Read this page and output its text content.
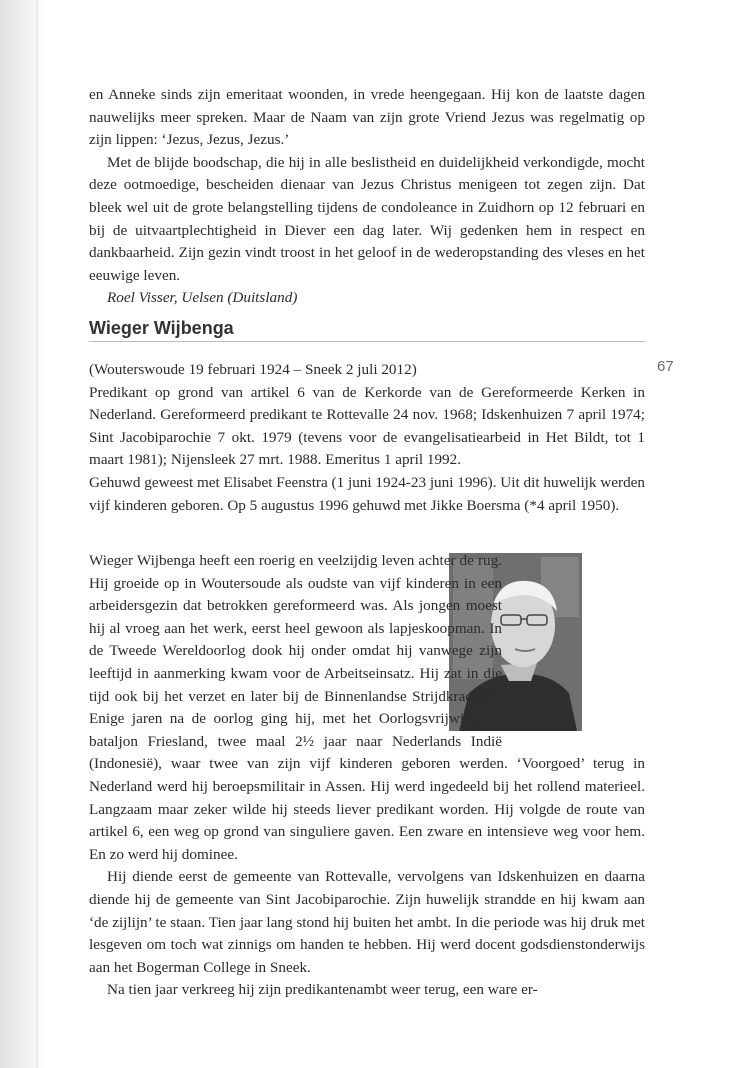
en Anneke sinds zijn emeritaat woonden, in vrede heengegaan. Hij kon de laatste dagen nauwelijks meer spreken. Maar de Naam van zijn grote Vriend Jezus was regelmatig op zijn lippen: ‘Jezus, Jezus, Jezus.’

Met de blijde boodschap, die hij in alle beslistheid en duidelijkheid verkondigde, mocht deze ootmoedige, bescheiden dienaar van Jezus Christus menigeen tot zegen zijn. Dat bleek wel uit de grote belangstelling tijdens de condoleance in Zuidhorn op 12 februari en bij de uitvaartplechtigheid in Diever een dag later. Wij gedenken hem in respect en dankbaarheid. Zijn gezin vindt troost in het geloof in de wederopstanding des vleses en het eeuwige leven.

Roel Visser, Uelsen (Duitsland)

Wieger Wijbenga
67

(Wouterswoude 19 februari 1924 – Sneek 2 juli 2012)

Predikant op grond van artikel 6 van de Kerkorde van de Gereformeerde Kerken in Nederland. Gereformeerd predikant te Rottevalle 24 nov. 1968; Idskenhuizen 7 april 1974; Sint Jacobiparochie 7 okt. 1979 (tevens voor de evangelisatiearbeid in Het Bildt, tot 1 maart 1981); Nijensleek 27 mrt. 1988. Emeritus 1 april 1992.

Gehuwd geweest met Elisabet Feenstra (1 juni 1924-23 juni 1996). Uit dit huwelijk werden vijf kinderen geboren. Op 5 augustus 1996 gehuwd met Jikke Boersma (*4 april 1950).

Wieger Wijbenga heeft een roerig en veelzijdig leven achter de rug. Hij groeide op in Woutersoude als oudste van vijf kinderen in een arbeidersgezin dat betrokken gereformeerd was. Als jongen moest hij al vroeg aan het werk, eerst heel gewoon als lapjeskoopman. In de Tweede Wereldoorlog dook hij onder omdat hij vanwege zijn leeftijd in aanmerking kwam voor de Arbeitseinsatz. Hij zat in die tijd ook bij het verzet en later bij de Binnenlandse Strijdkrachten. Enige jaren na de oorlog ging hij, met het Oorlogsvrijwilligers bataljon Friesland, twee maal 2½ jaar naar Nederlands Indië (Indonesië), waar twee van zijn vijf kinderen geboren werden. ‘Voorgoed’ terug in Nederland werd hij beroepsmilitair in Assen. Hij werd ingedeeld bij het rollend materieel. Langzaam maar zeker wilde hij steeds liever predikant worden. Hij volgde de route van artikel 6, een weg op grond van singuliere gaven. Een zware en intensieve weg voor hem. En zo werd hij dominee.

Hij diende eerst de gemeente van Rottevalle, vervolgens van Idskenhuizen en daarna diende hij de gemeente van Sint Jacobiparochie. Zijn huwelijk strandde en hij kwam aan ‘de zijlijn’ te staan. Tien jaar lang stond hij buiten het ambt. In die periode was hij druk met lesgeven om toch wat zinnigs om handen te hebben. Hij werd docent godsdienstonderwijs aan het Bogerman College in Sneek.

Na tien jaar verkreeg hij zijn predikantenambt weer terug, een ware er-
